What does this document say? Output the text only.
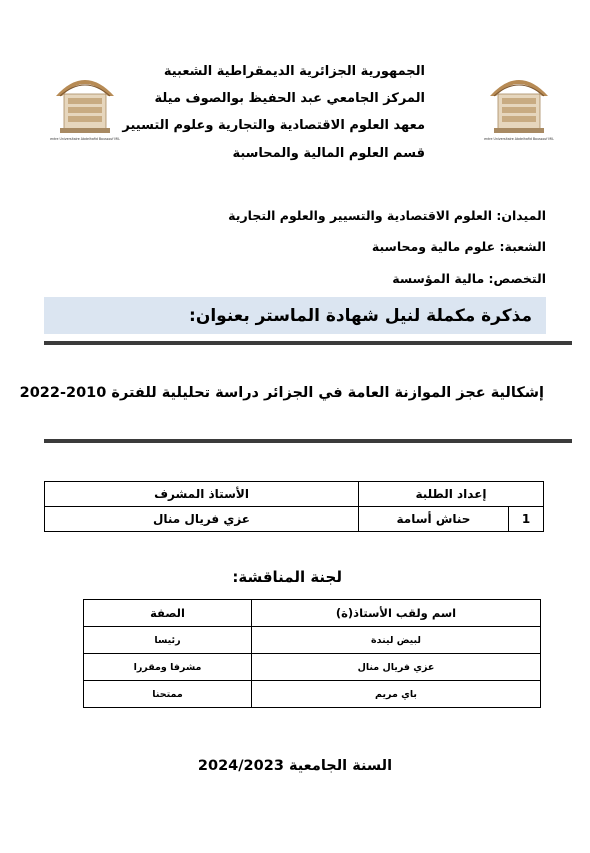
Centre Universitaire Abdelhafid Boussouf MILA	Centre Universitaire Abdelhafid Boussouf MILA
الجمهورية الجزائرية الديمقراطية الشعبية
المركز الجامعي عبد الحفيظ بوالصوف ميلة
معهد العلوم الاقتصادية والتجارية وعلوم التسيير
قسم العلوم المالية والمحاسبة
الميدان: العلوم الاقتصادية والتسيير والعلوم التجارية
الشعبة: علوم مالية ومحاسبة
التخصص: مالية المؤسسة
مذكرة مكملة لنيل شهادة الماستر بعنوان:
إشكالية عجز الموازنة العامة في الجزائر دراسة تحليلية للفترة 2010-2022
إعداد الطلبة		الأستاذ المشرف
1	حناش أسامة	عزي فريال منال
لجنة المناقشة:
اسم ولقب الأستاذ(ة)	الصفة
لبيض ليندة	رئيسا
عزي فريال منال	مشرفا ومقررا
باي مريم	ممتحنا
السنة الجامعية 2024/2023
